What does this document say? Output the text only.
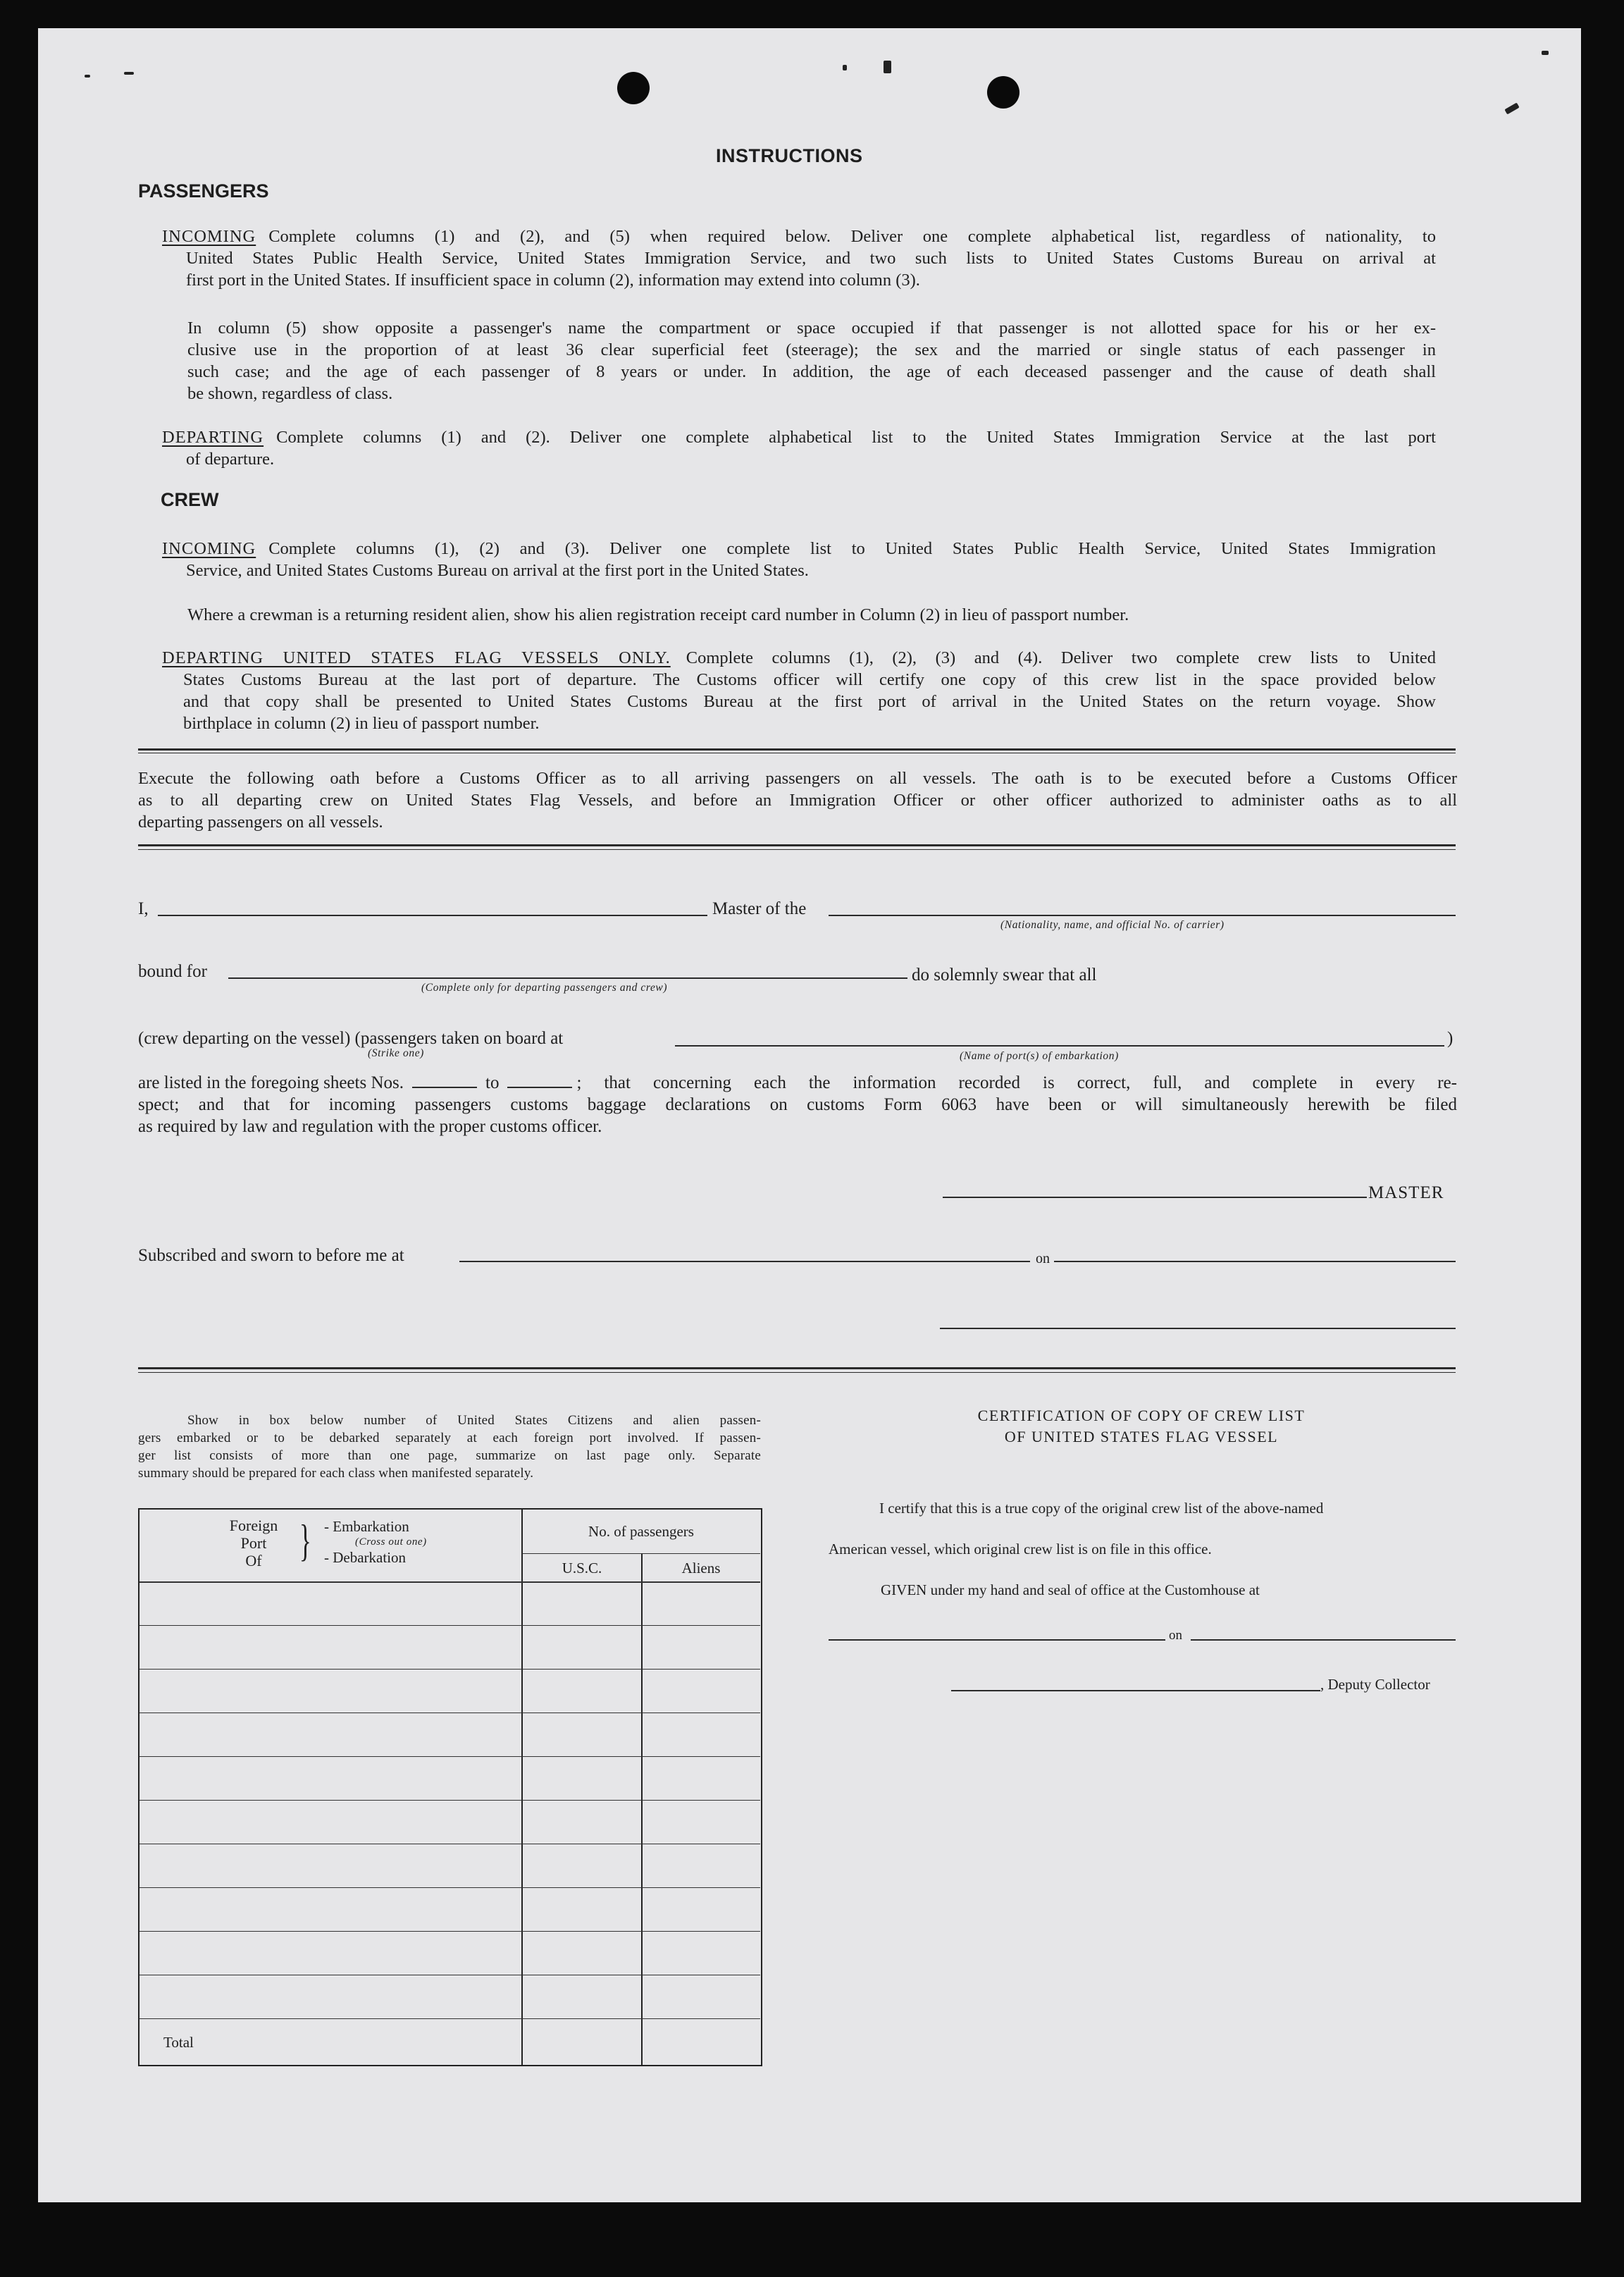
INSTRUCTIONS
PASSENGERS
INCOMING Complete columns (1) and (2), and (5) when required below. Deliver one complete alphabetical list, regardless of nationality, to
United States Public Health Service, United States Immigration Service, and two such lists to United States Customs Bureau on arrival at
first port in the United States. If insufficient space in column (2), information may extend into column (3).
In column (5) show opposite a passenger's name the compartment or space occupied if that passenger is not allotted space for his or her ex-
clusive use in the proportion of at least 36 clear superficial feet (steerage); the sex and the married or single status of each passenger in
such case; and the age of each passenger of 8 years or under. In addition, the age of each deceased passenger and the cause of death shall
be shown, regardless of class.
DEPARTING Complete columns (1) and (2). Deliver one complete alphabetical list to the United States Immigration Service at the last port
of departure.
CREW
INCOMING Complete columns (1), (2) and (3). Deliver one complete list to United States Public Health Service, United States Immigration
Service, and United States Customs Bureau on arrival at the first port in the United States.
Where a crewman is a returning resident alien, show his alien registration receipt card number in Column (2) in lieu of passport number.
DEPARTING UNITED STATES FLAG VESSELS ONLY. Complete columns (1), (2), (3) and (4). Deliver two complete crew lists to United
States Customs Bureau at the last port of departure. The Customs officer will certify one copy of this crew list in the space provided below
and that copy shall be presented to United States Customs Bureau at the first port of arrival in the United States on the return voyage. Show
birthplace in column (2) in lieu of passport number.
Execute the following oath before a Customs Officer as to all arriving passengers on all vessels. The oath is to be executed before a Customs Officer
as to all departing crew on United States Flag Vessels, and before an Immigration Officer or other officer authorized to administer oaths as to all
departing passengers on all vessels.
I,	Master of the
(Nationality, name, and official No. of carrier)
bound for
(Complete only for departing passengers and crew)
do solemnly swear that all
(crew departing on the vessel) (passengers taken on board at
(Strike one)	(Name of port(s) of embarkation)
)
are listed in the foregoing sheets Nos.	to	; that concerning each the information recorded is correct, full, and complete in every re-
spect; and that for incoming passengers customs baggage declarations on customs Form 6063 have been or will simultaneously herewith be filed
as required by law and regulation with the proper customs officer.
MASTER
Subscribed and sworn to before me at	on
Show in box below number of United States Citizens and alien passen-
gers embarked or to be debarked separately at each foreign port involved. If passen-
ger list consists of more than one page, summarize on last page only. Separate
summary should be prepared for each class when manifested separately.
Foreign
Port
Of } - Embarkation
(Cross out one)
- Debarkation
No. of passengers
U.S.C.	Aliens
Total
CERTIFICATION OF COPY OF CREW LIST
OF UNITED STATES FLAG VESSEL
I certify that this is a true copy of the original crew list of the above-named
American vessel, which original crew list is on file in this office.
GIVEN under my hand and seal of office at the Customhouse at
on
, Deputy Collector
